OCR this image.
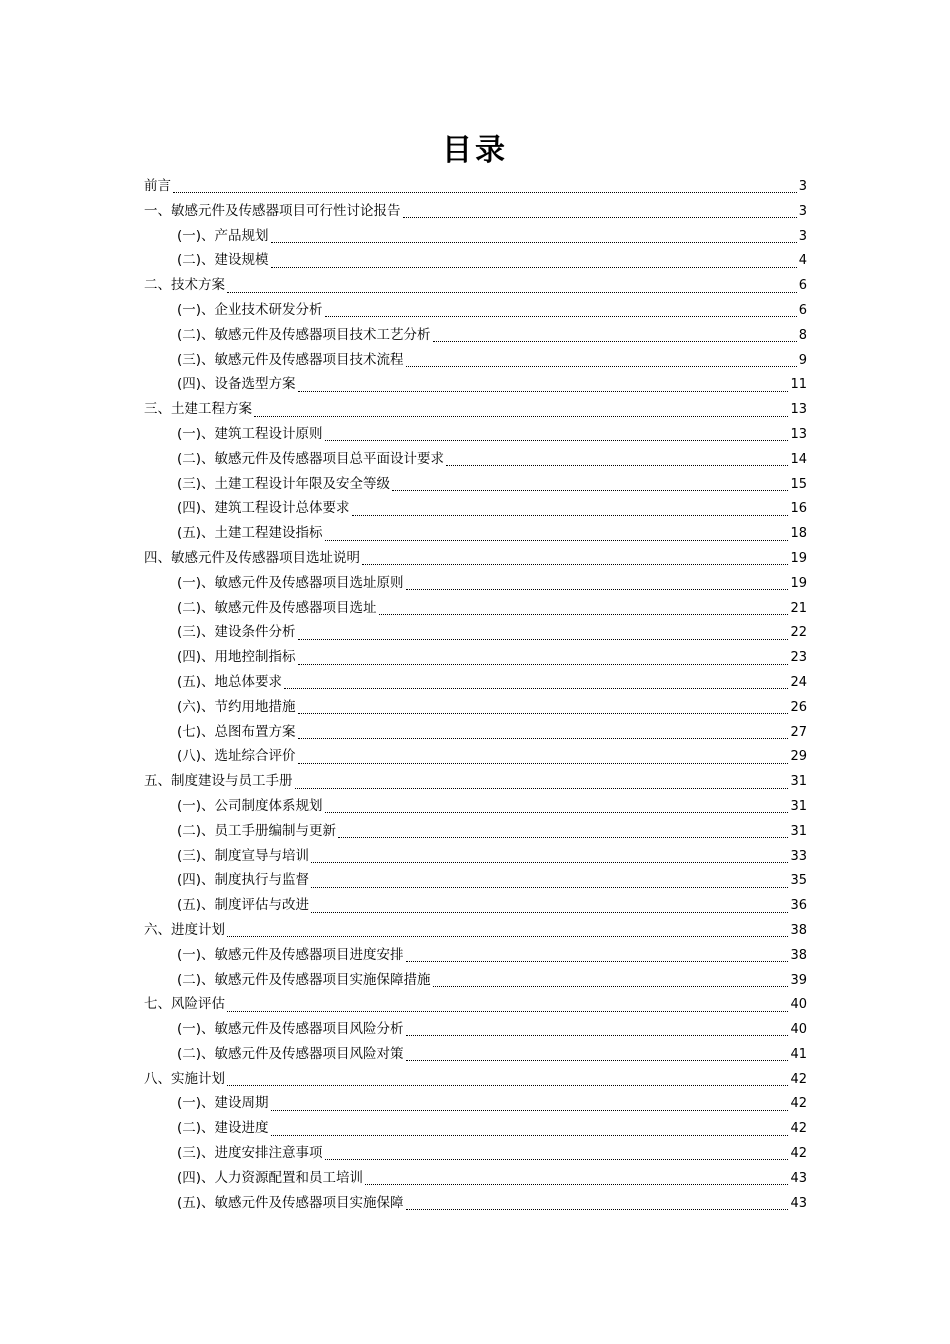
目录
前言	3
一、敏感元件及传感器项目可行性讨论报告	3
(一)、产品规划	3
(二)、建设规模	4
二、技术方案	6
(一)、企业技术研发分析	6
(二)、敏感元件及传感器项目技术工艺分析	8
(三)、敏感元件及传感器项目技术流程	9
(四)、设备选型方案	11
三、土建工程方案	13
(一)、建筑工程设计原则	13
(二)、敏感元件及传感器项目总平面设计要求	14
(三)、土建工程设计年限及安全等级	15
(四)、建筑工程设计总体要求	16
(五)、土建工程建设指标	18
四、敏感元件及传感器项目选址说明	19
(一)、敏感元件及传感器项目选址原则	19
(二)、敏感元件及传感器项目选址	21
(三)、建设条件分析	22
(四)、用地控制指标	23
(五)、地总体要求	24
(六)、节约用地措施	26
(七)、总图布置方案	27
(八)、选址综合评价	29
五、制度建设与员工手册	31
(一)、公司制度体系规划	31
(二)、员工手册编制与更新	31
(三)、制度宣导与培训	33
(四)、制度执行与监督	35
(五)、制度评估与改进	36
六、进度计划	38
(一)、敏感元件及传感器项目进度安排	38
(二)、敏感元件及传感器项目实施保障措施	39
七、风险评估	40
(一)、敏感元件及传感器项目风险分析	40
(二)、敏感元件及传感器项目风险对策	41
八、实施计划	42
(一)、建设周期	42
(二)、建设进度	42
(三)、进度安排注意事项	42
(四)、人力资源配置和员工培训	43
(五)、敏感元件及传感器项目实施保障	43
